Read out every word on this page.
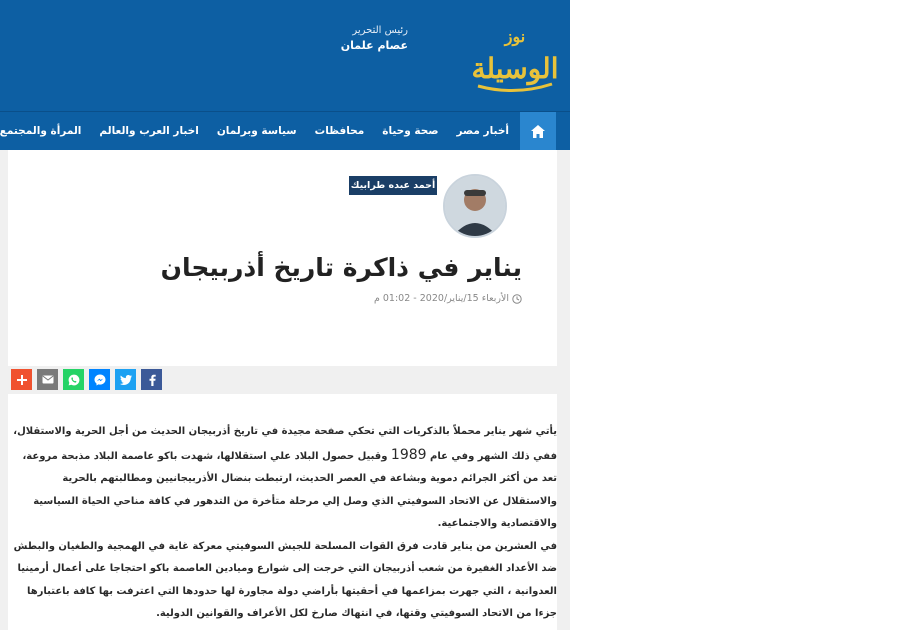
نوز
الوسيلة
رئيس التحرير
عصام علمان
أخبار مصر
صحة وحياة
محافظات
سياسة وبرلمان
اخبار العرب والعالم
المرأة والمجتمع
أحمد عبده طرابيك
يناير في ذاكرة تاريخ أذربيجان
الأربعاء 15/يناير/2020 - 01:02 م

يأتي شهر يناير محملاً بالذكريات التي تحكي صفحة مجيدة في تاريخ أذربيجان الحديث من أجل الحرية والاستقلال، ففي ذلك الشهر وفي عام 1989 وقبيل حصول البلاد علي استقلالها، شهدت باكو عاصمة البلاد مذبحة مروعة، تعد من أكثر الجرائم دموية وبشاعة في العصر الحديث، ارتبطت بنضال الأذربيجانيين ومطالبتهم بالحرية والاستقلال عن الاتحاد السوفيتي الذي وصل إلي مرحلة متأخرة من التدهور في كافة مناحي الحياة السياسية والاقتصادية والاجتماعية.

في العشرين من يناير قادت فرق القوات المسلحة للجيش السوفيتي معركة غاية في الهمجية والطغيان والبطش ضد الأعداد الغفيرة من شعب أذربيجان التي خرجت إلى شوارع وميادين العاصمة باكو احتجاجا على أعمال أرمينيا العدوانية ، التي جهرت بمزاعمها في أحقيتها بأراضي دولة مجاورة لها حدودها التي اعترفت بها كافة باعتبارها جزءا من الاتحاد السوفيتي وقتها، في انتهاك صارخ لكل الأعراف والقوانين الدولية.
